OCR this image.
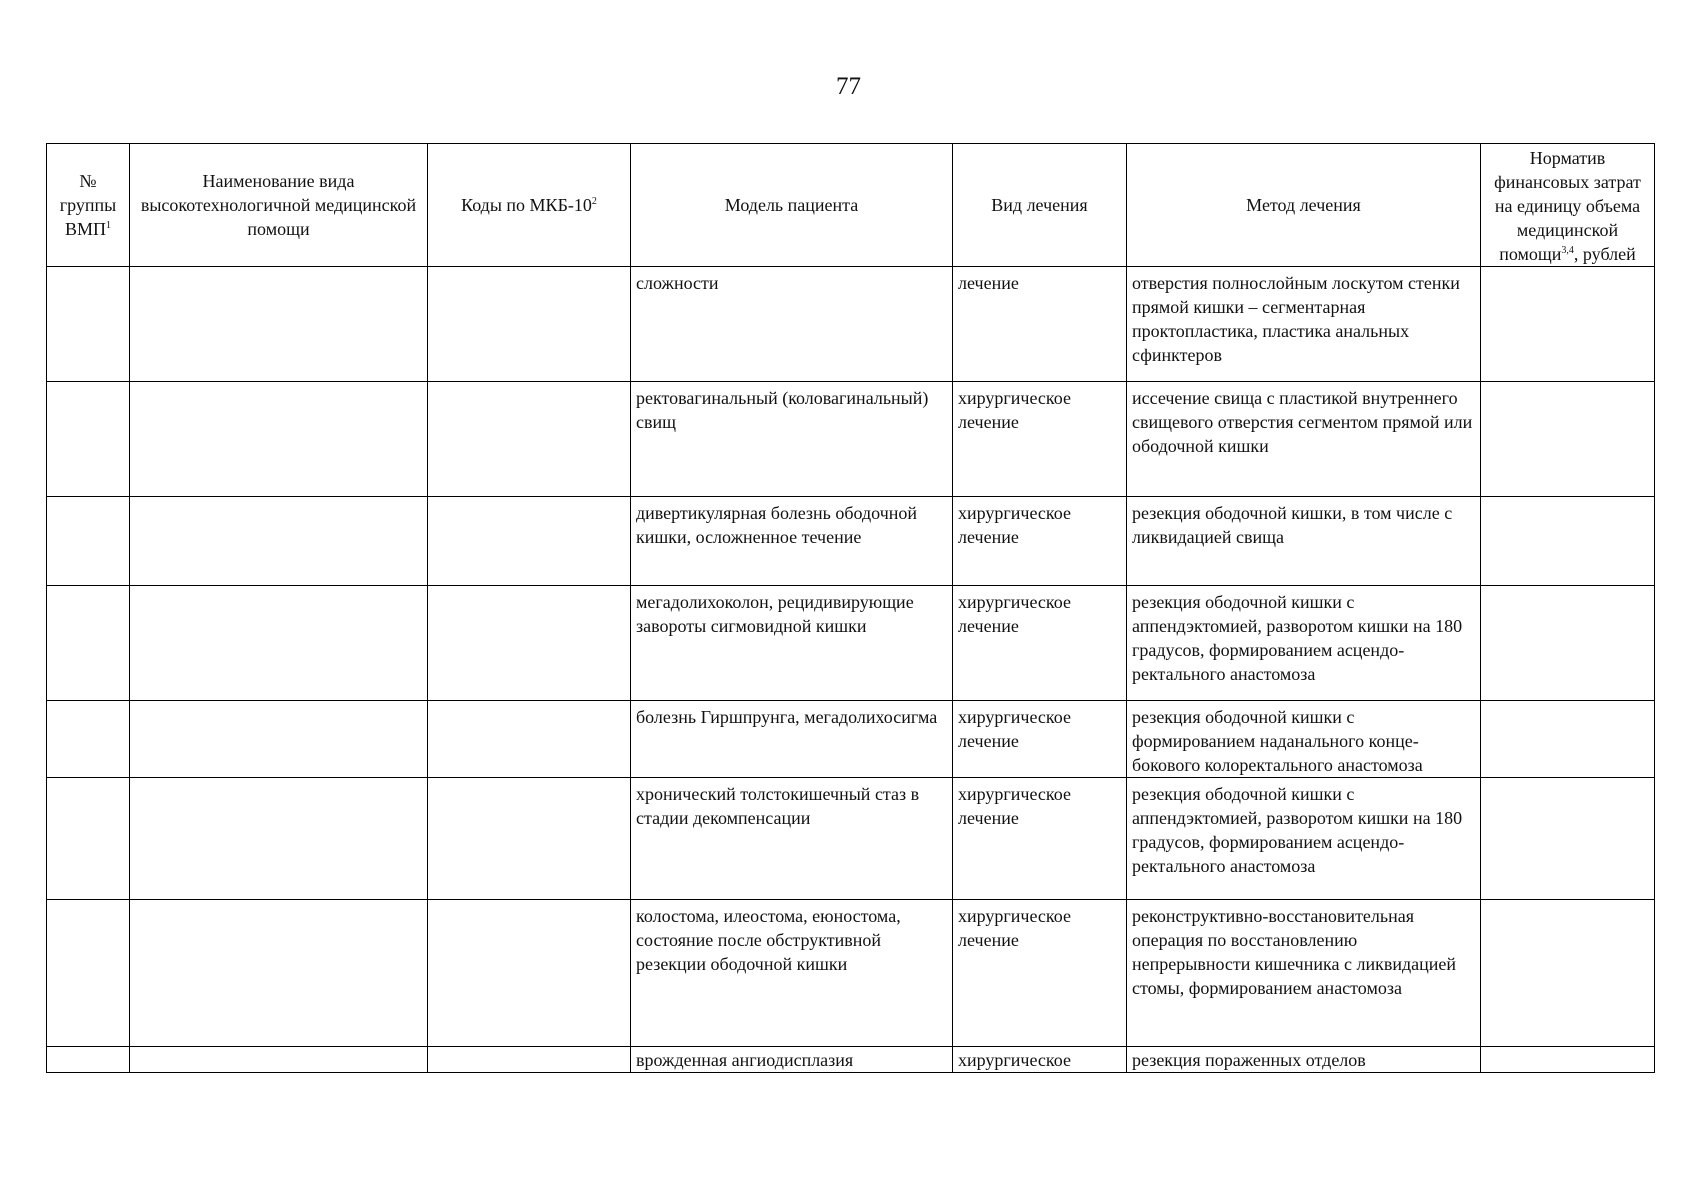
77
№ группы ВМП$^1$	Наименование вида высокотехнологичной медицинской помощи	Коды по МКБ-$10^2$	Модель пациента	Вид лечения	Метод лечения	Норматив финансовых затрат на единицу объема медицинской помощи$^{3,4}$, рублей
			сложности	лечение	отверстия полнослойным лоскутом стенки прямой кишки – сегментарная проктопластика, пластика анальных сфинктеров	
			ректовагинальный (коловагинальный) свищ	хирургическое лечение	иссечение свища с пластикой внутреннего свищевого отверстия сегментом прямой или ободочной кишки	
			дивертикулярная болезнь ободочной кишки, осложненное течение	хирургическое лечение	резекция ободочной кишки, в том числе с ликвидацией свища	
			мегадолихоколон, рецидивирующие завороты сигмовидной кишки	хирургическое лечение	резекция ободочной кишки с аппендэктомией, разворотом кишки на 180 градусов, формированием асцендо-ректального анастомоза	
			болезнь Гиршпрунга, мегадолихосигма	хирургическое лечение	резекция ободочной кишки с формированием наданального конце-бокового колоректального анастомоза	
			хронический толстокишечный стаз в стадии декомпенсации	хирургическое лечение	резекция ободочной кишки с аппендэктомией, разворотом кишки на 180 градусов, формированием асцендо-ректального анастомоза	
			колостома, илеостома, еюностома, состояние после обструктивной резекции ободочной кишки	хирургическое лечение	реконструктивно-восстановительная операция по восстановлению непрерывности кишечника с ликвидацией стомы, формированием анастомоза	
			врожденная ангиодисплазия	хирургическое	резекция пораженных отделов	
